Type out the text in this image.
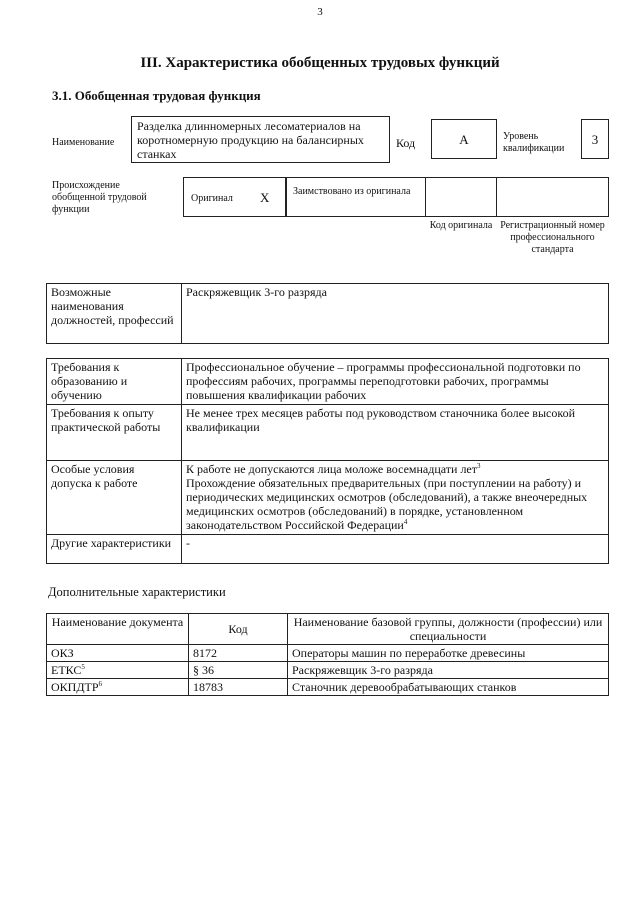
3
III. Характеристика обобщенных трудовых функций
3.1. Обобщенная трудовая функция
Наименование
Разделка длинномерных лесоматериалов на коротномерную продукцию на балансирных станках
Код	А	Уровень квалификации
3
Происхождение обобщенной трудовой функции
Оригинал Х Заимствовано из оригинала
Код оригинала Регистрационный номер профессионального стандарта
Возможные наименования должностей, профессий	Раскряжевщик 3-го разряда
Требования к образованию и обучению	Профессиональное обучение – программы профессиональной подготовки по профессиям рабочих, программы переподготовки рабочих, программы повышения квалификации рабочих
Требования к опыту практической работы	Не менее трех месяцев работы под руководством станочника более высокой квалификации
Особые условия допуска к работе	К работе не допускаются лица моложе восемнадцати лет$^3$
Прохождение обязательных предварительных (при поступлении на работу) и периодических медицинских осмотров (обследований), а также внеочередных медицинских осмотров (обследований) в порядке, установленном законодательством Российской Федерации$^4$
Другие характеристики	-
Дополнительные характеристики
Наименование документа	Код	Наименование базовой группы, должности (профессии) или специальности
ОКЗ	8172	Операторы машин по переработке древесины
ЕТКС$^5$	§ 36	Раскряжевщик 3-го разряда
ОКПДТР$^6$	18783	Станочник деревообрабатывающих станков
